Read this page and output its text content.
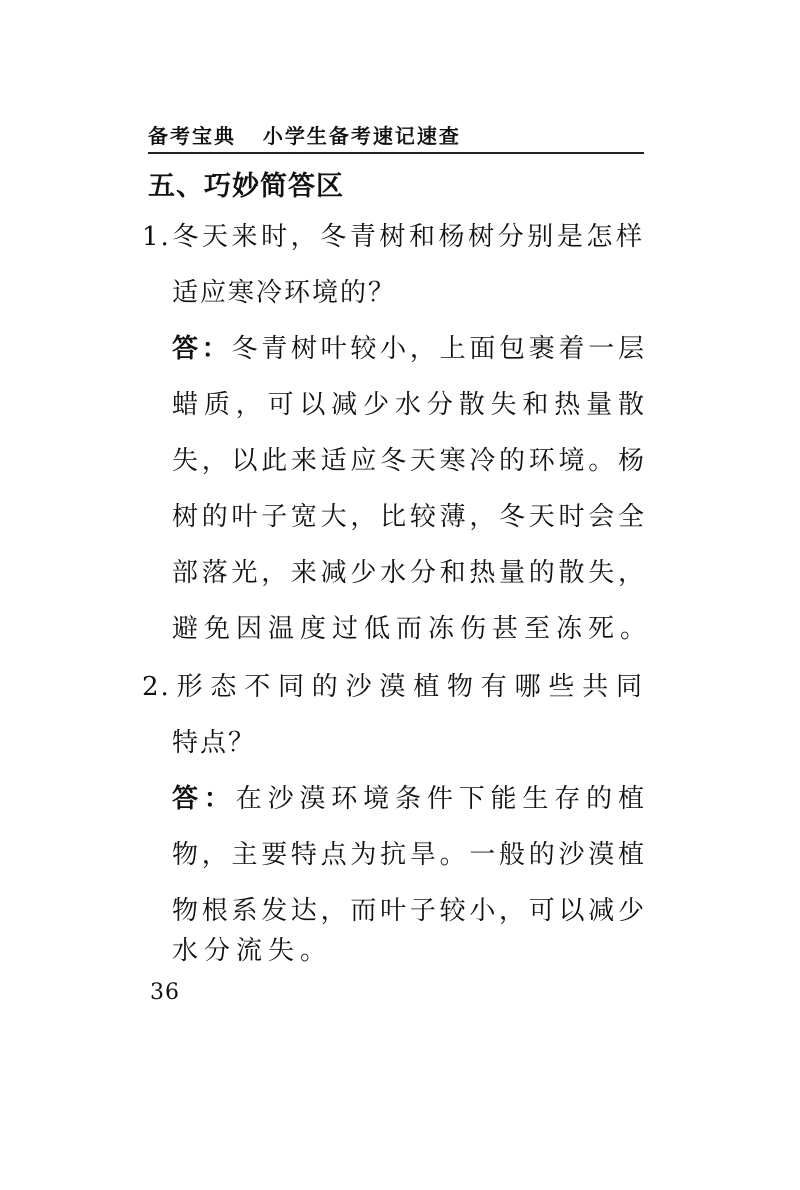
备考宝典 小学生备考速记速查
五、巧妙简答区
1.冬天来时，冬青树和杨树分别是怎样
适应寒冷环境的？
答：冬青树叶较小，上面包裹着一层
蜡质，可以减少水分散失和热量散
失，以此来适应冬天寒冷的环境。杨
树的叶子宽大，比较薄，冬天时会全
部落光，来减少水分和热量的散失，
避免因温度过低而冻伤甚至冻死。
2.形态不同的沙漠植物有哪些共同
特点？
答：在沙漠环境条件下能生存的植
物，主要特点为抗旱。一般的沙漠植
物根系发达，而叶子较小，可以减少
水分流失。
36
